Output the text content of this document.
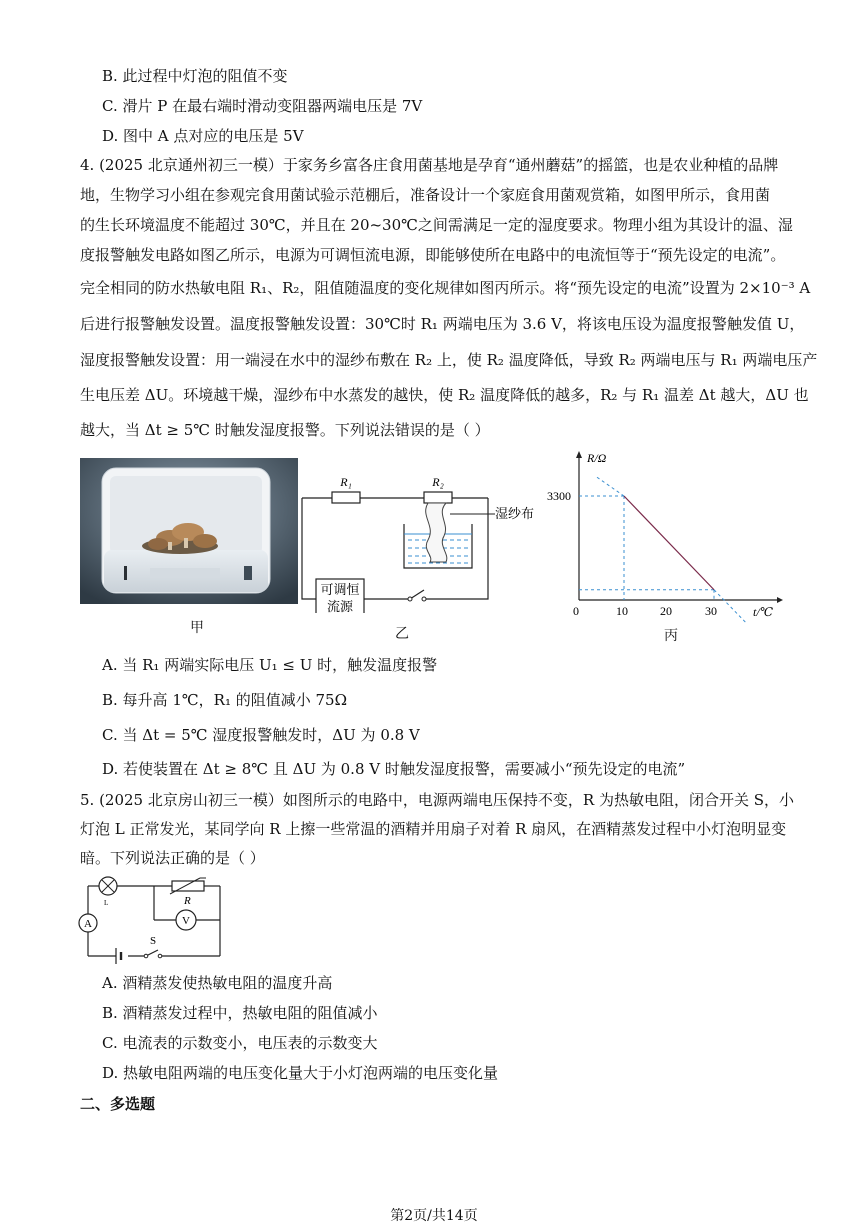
B. 此过程中灯泡的阻值不变
C. 滑片 P 在最右端时滑动变阻器两端电压是 7V
D. 图中 A 点对应的电压是 5V
4. (2025 北京通州初三一模）于家务乡富各庄食用菌基地是孕育“通州蘑菇”的摇篮，也是农业种植的品牌
地，生物学习小组在参观完食用菌试验示范棚后，准备设计一个家庭食用菌观赏箱，如图甲所示，食用菌
的生长环境温度不能超过 30℃，并且在 20~30℃之间需满足一定的湿度要求。物理小组为其设计的温、湿
度报警触发电路如图乙所示，电源为可调恒流电源，即能够使所在电路中的电流恒等于“预先设定的电流”。
完全相同的防水热敏电阻 R₁、R₂，阻值随温度的变化规律如图丙所示。将“预先设定的电流”设置为 2×10⁻³ A
后进行报警触发设置。温度报警触发设置：30℃时 R₁ 两端电压为 3.6 V，将该电压设为温度报警触发值 U，
湿度报警触发设置：用一端浸在水中的湿纱布敷在 R₂ 上，使 R₂ 温度降低，导致 R₂ 两端电压与 R₁ 两端电压产
生电压差 ΔU。环境越干燥，湿纱布中水蒸发的越快，使 R₂ 温度降低的越多，R₂ 与 R₁ 温差 Δt 越大，ΔU 也
越大，当 Δt ≥ 5℃ 时触发湿度报警。下列说法错误的是（ ）
甲
可调恒
流源
R₁	R₂
湿纱布
乙
R/Ω
t/℃
3300
0	10	20	30
丙
A. 当 R₁ 两端实际电压 U₁ ≤ U 时，触发温度报警
B. 每升高 1℃，R₁ 的阻值减小 75Ω
C. 当 Δt = 5℃ 湿度报警触发时，ΔU 为 0.8 V
D. 若使装置在 Δt ≥ 8℃ 且 ΔU 为 0.8 V 时触发湿度报警，需要减小“预先设定的电流”
5. (2025 北京房山初三一模）如图所示的电路中，电源两端电压保持不变，R 为热敏电阻，闭合开关 S，小
灯泡 L 正常发光，某同学向 R 上擦一些常温的酒精并用扇子对着 R 扇风，在酒精蒸发过程中小灯泡明显变
暗。下列说法正确的是（ ）
L	R
A	V
S
A. 酒精蒸发使热敏电阻的温度升高
B. 酒精蒸发过程中，热敏电阻的阻值减小
C. 电流表的示数变小，电压表的示数变大
D. 热敏电阻两端的电压变化量大于小灯泡两端的电压变化量
二、多选题
第2页/共14页
